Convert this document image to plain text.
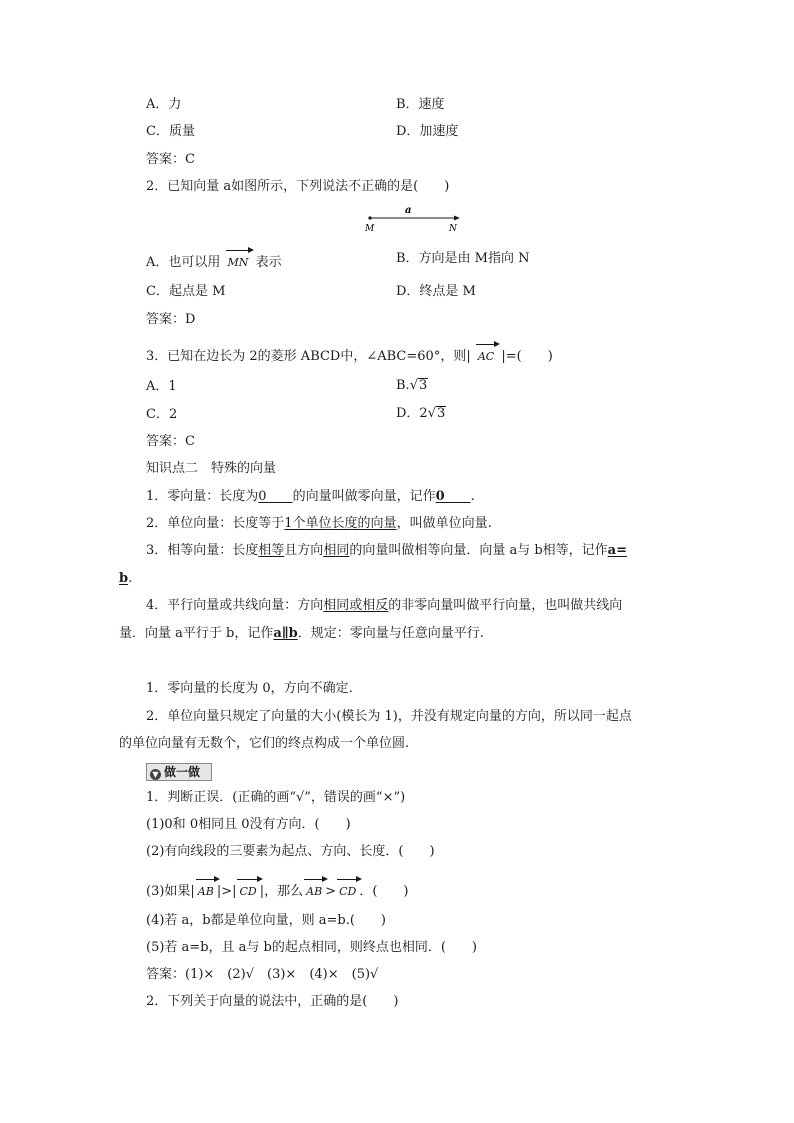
A．力	B．速度
C．质量	D．加速度
答案：C
2．已知向量 a如图所示，下列说法不正确的是(　　)
a
M	N
A．也可以用 MN 表示	B．方向是由 M指向 N
C．起点是 M	D．终点是 M
答案：D
3．已知在边长为 2的菱形 ABCD中，∠ABC=60°，则| AC |=(　　)
A．1	B.√3
C．2	D．2√3
答案：C
知识点二　特殊的向量
1．零向量：长度为0　　的向量叫做零向量，记作0　　.
2．单位向量：长度等于1个单位长度的向量，叫做单位向量.
3．相等向量：长度相等且方向相同的向量叫做相等向量．向量 a与 b相等，记作a=
b.
4．平行向量或共线向量：方向相同或相反的非零向量叫做平行向量，也叫做共线向
量．向量 a平行于 b，记作a∥b．规定：零向量与任意向量平行.
1．零向量的长度为 0，方向不确定.
2．单位向量只规定了向量的大小(模长为 1)，并没有规定向量的方向，所以同一起点
的单位向量有无数个，它们的终点构成一个单位圆.
▼ 做一做
1．判断正误．(正确的画“√”，错误的画“×”)
(1)0和 0相同且 0没有方向．(　　)
(2)有向线段的三要素为起点、方向、长度．(　　)
(3)如果| AB |>| CD |，那么 AB > CD ．(　　)
(4)若 a，b都是单位向量，则 a=b.(　　)
(5)若 a=b，且 a与 b的起点相同，则终点也相同．(　　)
答案：(1)×　(2)√　(3)×　(4)×　(5)√
2．下列关于向量的说法中，正确的是(　　)
